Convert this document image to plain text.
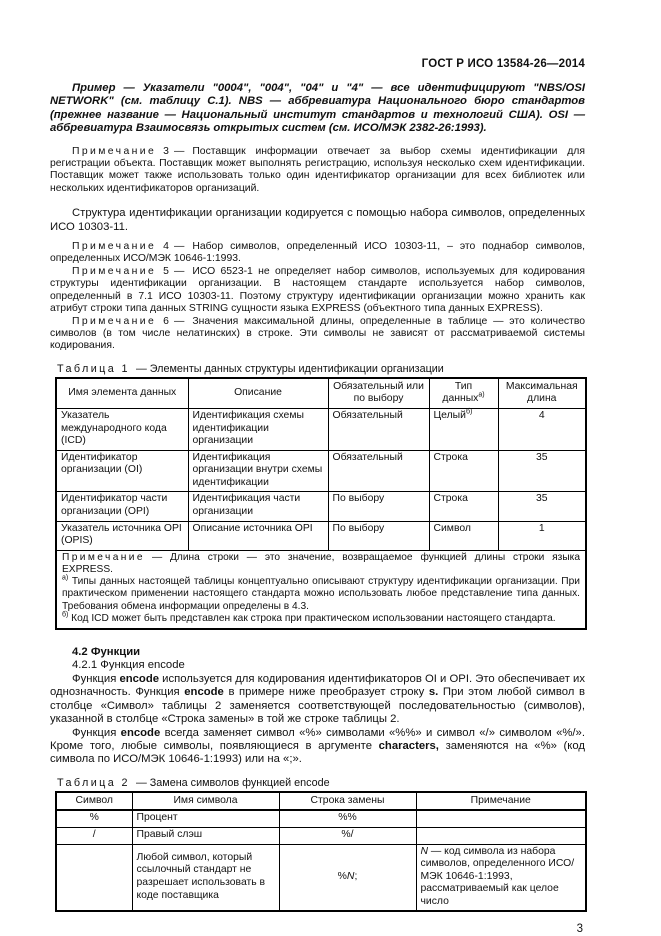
ГОСТ Р ИСО 13584-26—2014

Пример — Указатели "0004", "004", "04" и "4" — все идентифицируют "NBS/OSI NETWORK" (см. таблицу С.1). NBS — аббревиатура Национального бюро стандартов (прежнее название — Национальный институт стандартов и технологий США). OSI — аббревиатура Взаимосвязь открытых систем (см. ИСО/МЭК 2382-26:1993).

Примечание 3 — Поставщик информации отвечает за выбор схемы идентификации для регистрации объекта. Поставщик может выполнять регистрацию, используя несколько схем идентификации. Поставщик может также использовать только один идентификатор организации для всех библиотек или нескольких идентификаторов организаций.

Структура идентификации организации кодируется с помощью набора символов, определенных ИСО 10303-11.

Примечание 4 — Набор символов, определенный ИСО 10303-11, – это поднабор символов, определенных ИСО/МЭК 10646-1:1993.

Примечание 5 — ИСО 6523-1 не определяет набор символов, используемых для кодирования структуры идентификации организации. В настоящем стандарте используется набор символов, определенный в 7.1 ИСО 10303-11. Поэтому структуру идентификации организации можно хранить как атрибут строки типа данных STRING сущности языка EXPRESS (объектного типа данных EXPRESS).

Примечание 6 — Значения максимальной длины, определенные в таблице — это количество символов (в том числе нелатинских) в строке. Эти символы не зависят от рассматриваемой системы кодирования.

Таблица 1 — Элементы данных структуры идентификации организации
Имя элемента данных	Описание	Обязательный или по выбору	Тип данных$^{а)}$	Максимальная длина
Указатель международного кода (ICD)	Идентификация схемы идентификации организации	Обязательный	Целый$^{б)}$	4
Идентификатор организации (OI)	Идентификация организации внутри схемы идентификации	Обязательный	Строка	35
Идентификатор части организации (OPI)	Идентификация части организации	По выбору	Строка	35
Указатель источника OPI (OPIS)	Описание источника OPI	По выбору	Символ	1

Примечание — Длина строки — это значение, возвращаемое функцией длины строки языка EXPRESS.
$^{а)}$ Типы данных настоящей таблицы концептуально описывают структуру идентификации организации. При практическом применении настоящего стандарта можно использовать любое представление типа данных. Требования обмена информации определены в 4.3.
$^{б)}$ Код ICD может быть представлен как строка при практическом использовании настоящего стандарта.				

4.2 Функции

4.2.1 Функция encode

Функция encode используется для кодирования идентификаторов OI и OPI. Это обеспечивает их однозначность. Функция encode в примере ниже преобразует строку s. При этом любой символ в столбце «Символ» таблицы 2 заменяется соответствующей последовательностью (символов), указанной в столбце «Строка замены» в той же строке таблицы 2.

Функция encode всегда заменяет символ «%» символами «%%» и символ «/» символом «%/». Кроме того, любые символы, появляющиеся в аргументе characters, заменяются на «%» (код символа по ИСО/МЭК 10646-1:1993) или на «;».

Таблица 2 — Замена символов функцией encode
Символ	Имя символа	Строка замены	Примечание
%	Процент	%%	
/	Правый слэш	%/	
	Любой символ, который ссылочный стандарт не разрешает использовать в коде поставщика	%N;	N — код символа из набора символов, определенного ИСО/МЭК 10646-1:1993, рассматриваемый как целое число
3
